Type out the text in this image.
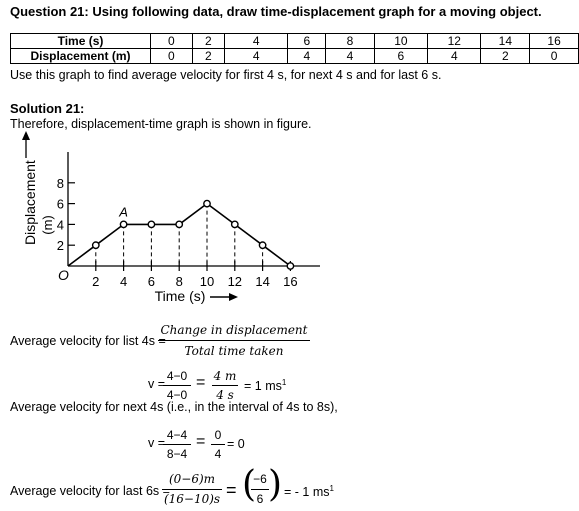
Question 21: Using following data, draw time-displacement graph for a moving object.
Time (s)	0	2	4	6	8	10	12	14	16
Displacement (m)	0	2	4	4	4	6	4	2	0
Use this graph to find average velocity for first 4 s, for next 4 s and for last 6 s.
Solution 21:
Therefore, displacement-time graph is shown in figure.
Displacement (m)
O
2
4
6
8
2 4 6 8 10 12 14 16
A
Time (s)
Average velocity for list 4s =
Change in displacement
Total time taken
v =
$\frac{4-0}{4-0} = \frac{4 m}{4 s} = 1$ $ms^1$
Average velocity for next 4s (i.e., in the interval of 4s to 8s),
v =
$\frac{4-4}{8-4} = \frac{0}{4} = 0$
Average velocity for last 6s =
$\frac{(0-6)m}{(16-10)s}$ = (
$\frac{-6}{6}$ ) = - 1 $ms^1$
